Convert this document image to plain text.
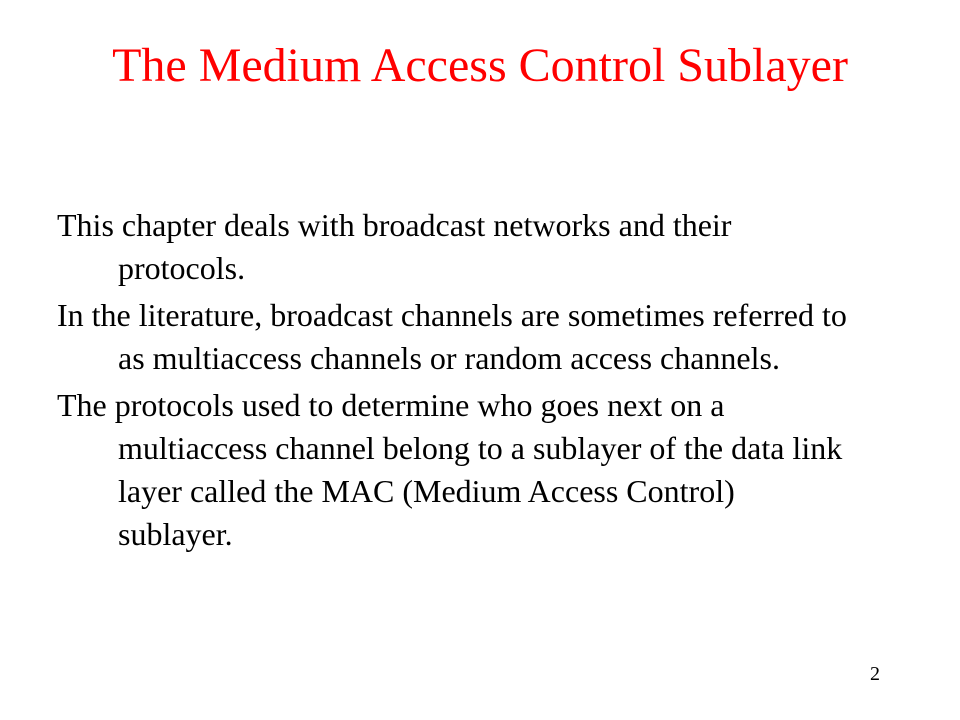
The Medium Access Control Sublayer
This chapter deals with broadcast networks and their protocols.
In the literature, broadcast channels are sometimes referred to as multiaccess channels or random access channels.
The protocols used to determine who goes next on a multiaccess channel belong to a sublayer of the data link layer called the MAC (Medium Access Control) sublayer.
2
